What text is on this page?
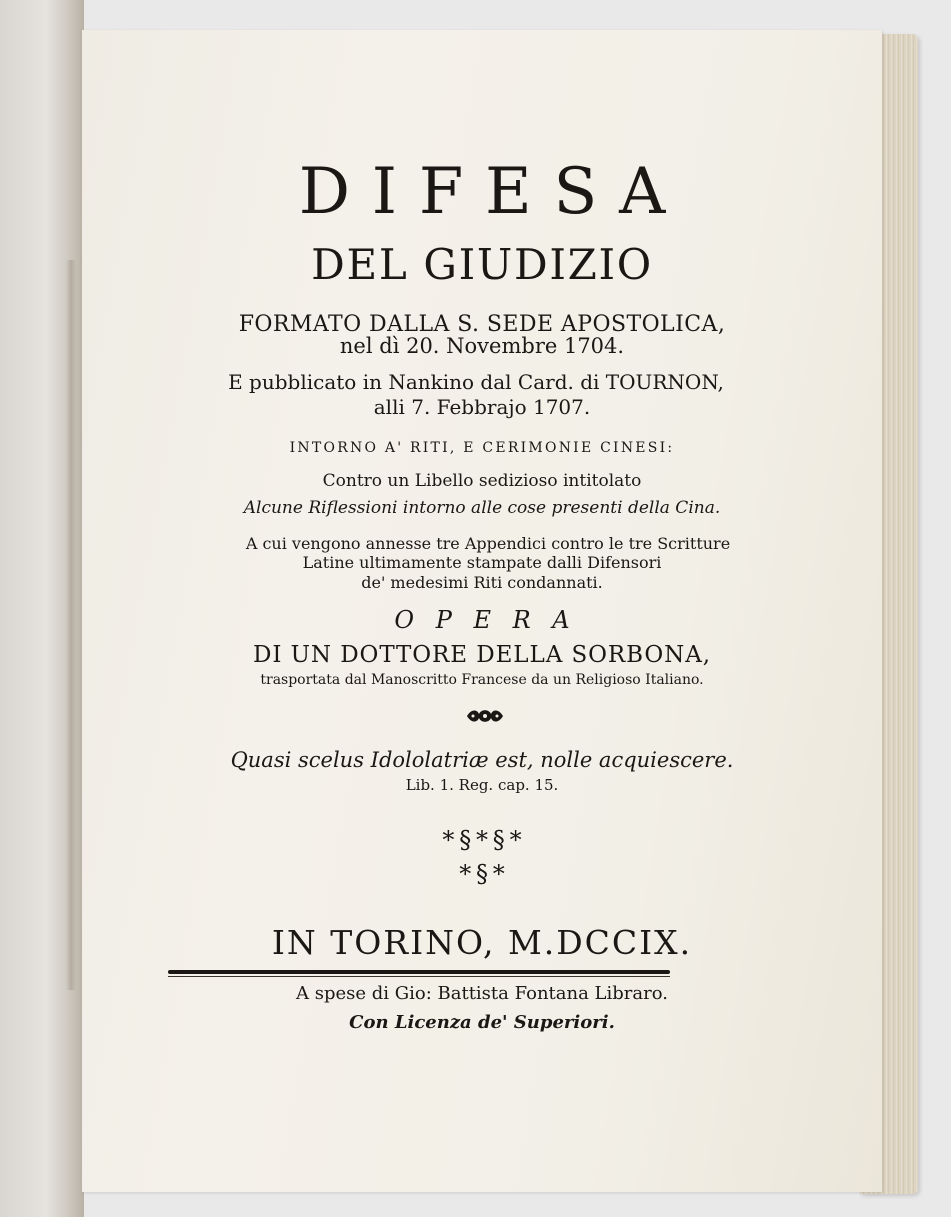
DIFESA
DEL GIUDIZIO
FORMATO DALLA S. SEDE APOSTOLICA,
nel dì 20. Novembre 1704.
E pubblicato in Nankino dal Card. di TOURNON,
alli 7. Febbrajo 1707.
INTORNO A' RITI, E CERIMONIE CINESI:
Contro un Libello sedizioso intitolato
Alcune Riflessioni intorno alle cose presenti della Cina.
A cui vengono annesse tre Appendici contro le tre Scritture
Latine ultimamente stampate dalli Difensori
de' medesimi Riti condannati.
OPERA
DI UN DOTTORE DELLA SORBONA,
trasportata dal Manoscritto Francese da un Religioso Italiano.
Quasi scelus Idololatriæ est, nolle acquiescere.
Lib. 1. Reg. cap. 15.
*§*§*
*§*
IN TORINO, M.DCCIX.
A spese di Gio: Battista Fontana Libraro.
Con Licenza de' Superiori.
